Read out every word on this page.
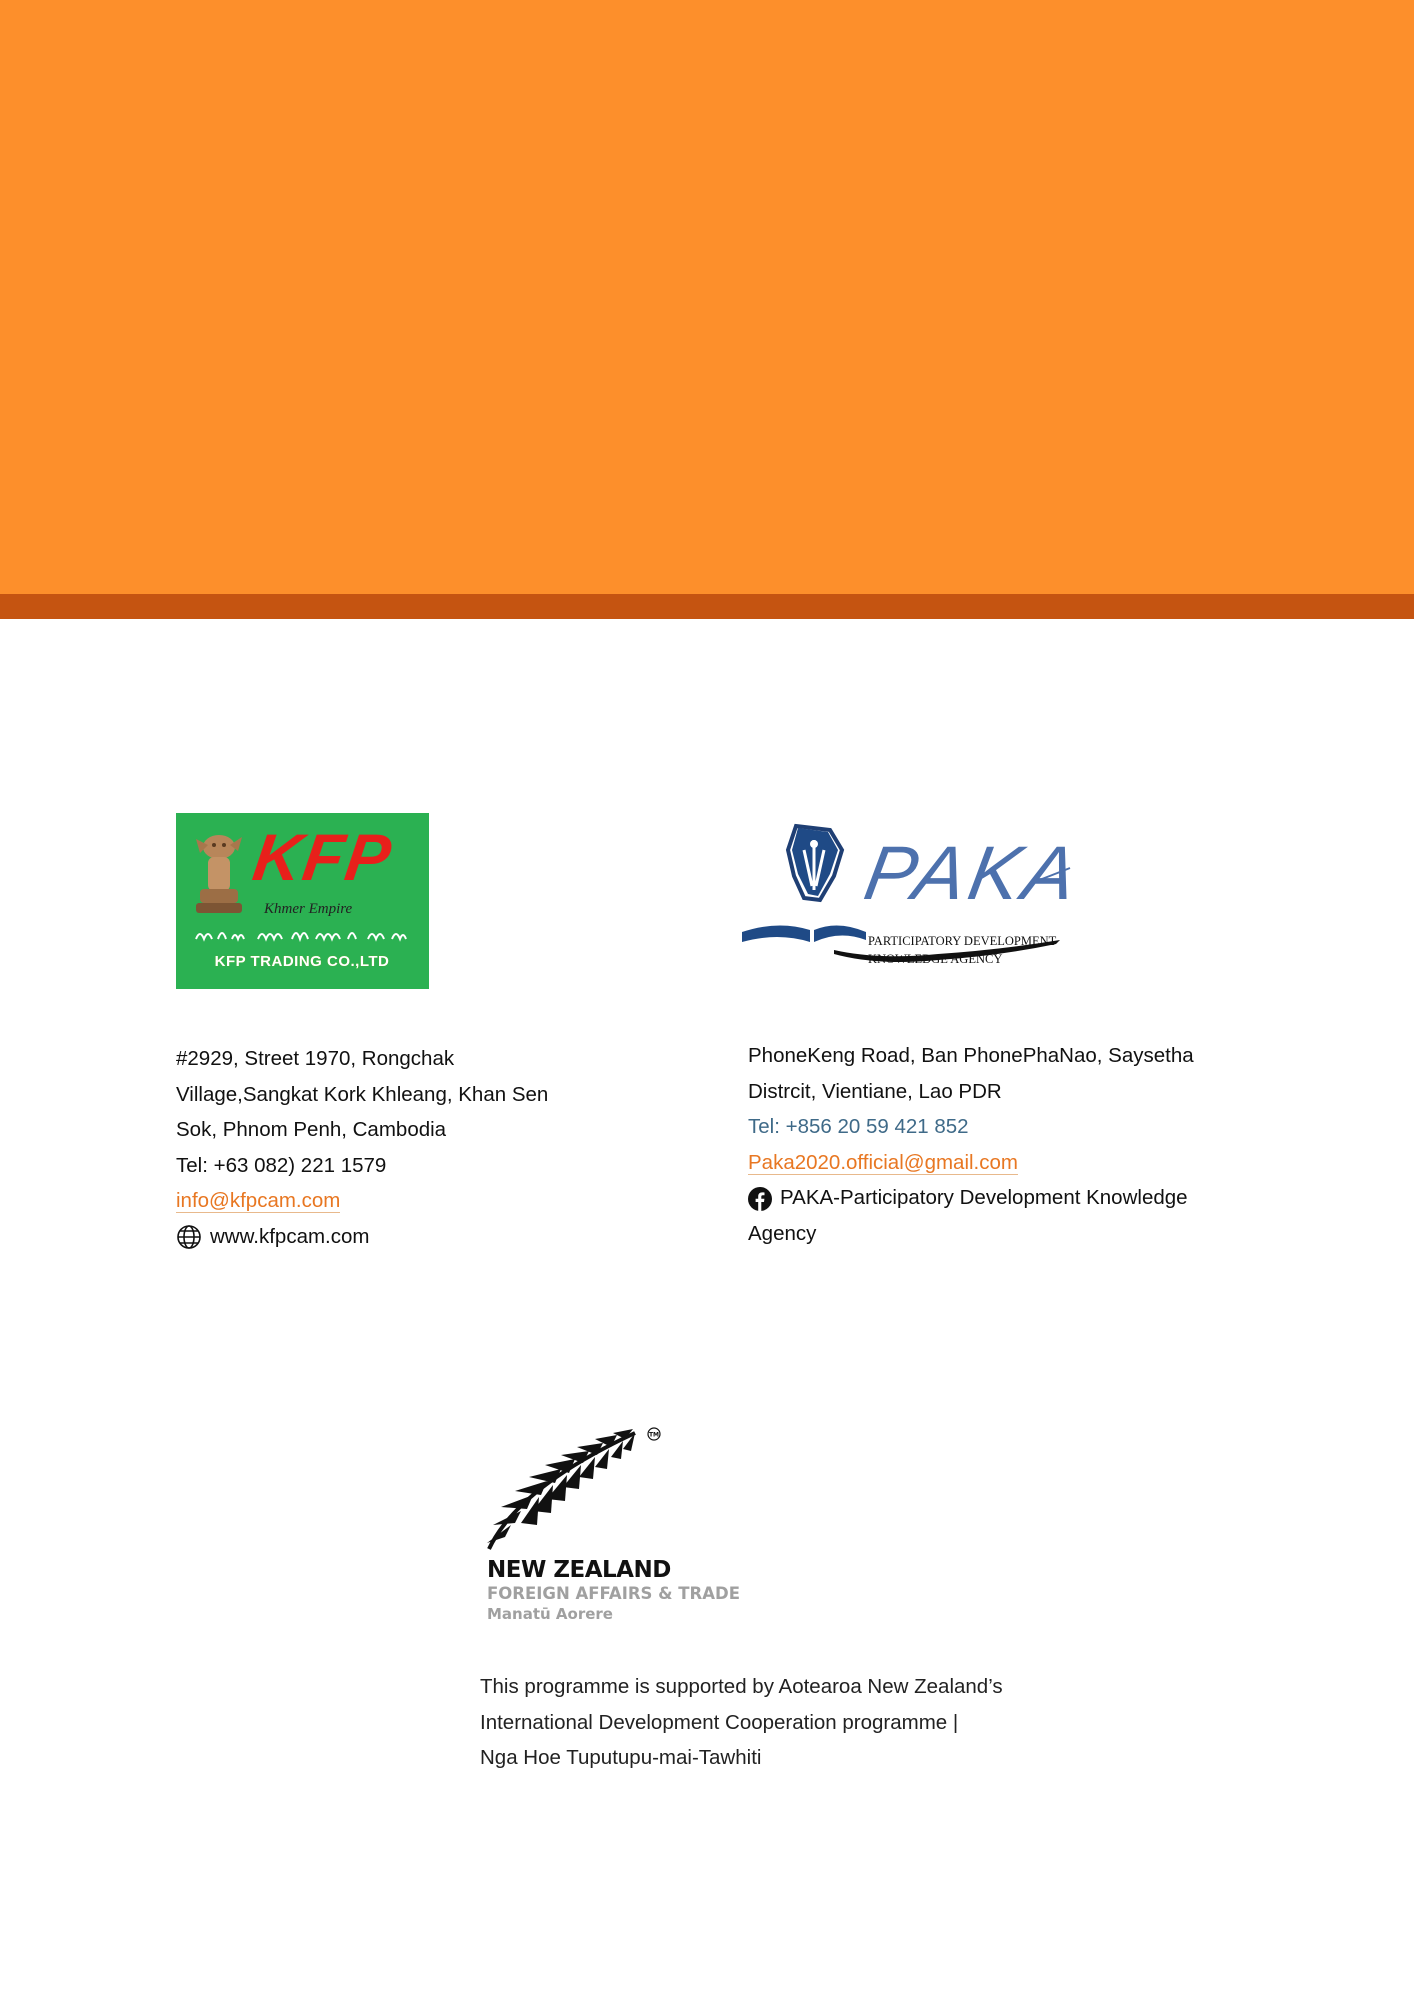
KFP
Khmer Empire
KFP TRADING CO.,LTD
PAKA
PARTICIPATORY DEVELOPMENT
KNOWLEDGE AGENCY
#2929, Street 1970, Rongchak
Village,Sangkat Kork Khleang, Khan Sen
Sok, Phnom Penh, Cambodia
Tel: +63 082) 221 1579
info@kfpcam.com
www.kfpcam.com
PhoneKeng Road, Ban PhonePhaNao, Saysetha
Distrcit, Vientiane, Lao PDR
Tel: +856 20 59 421 852
Paka2020.official@gmail.com
PAKA-Participatory Development Knowledge
Agency
TM
NEW ZEALAND
FOREIGN AFFAIRS & TRADE
Manatū Aorere
This programme is supported by Aotearoa New Zealand’s
International Development Cooperation programme |
Nga Hoe Tuputupu-mai-Tawhiti
